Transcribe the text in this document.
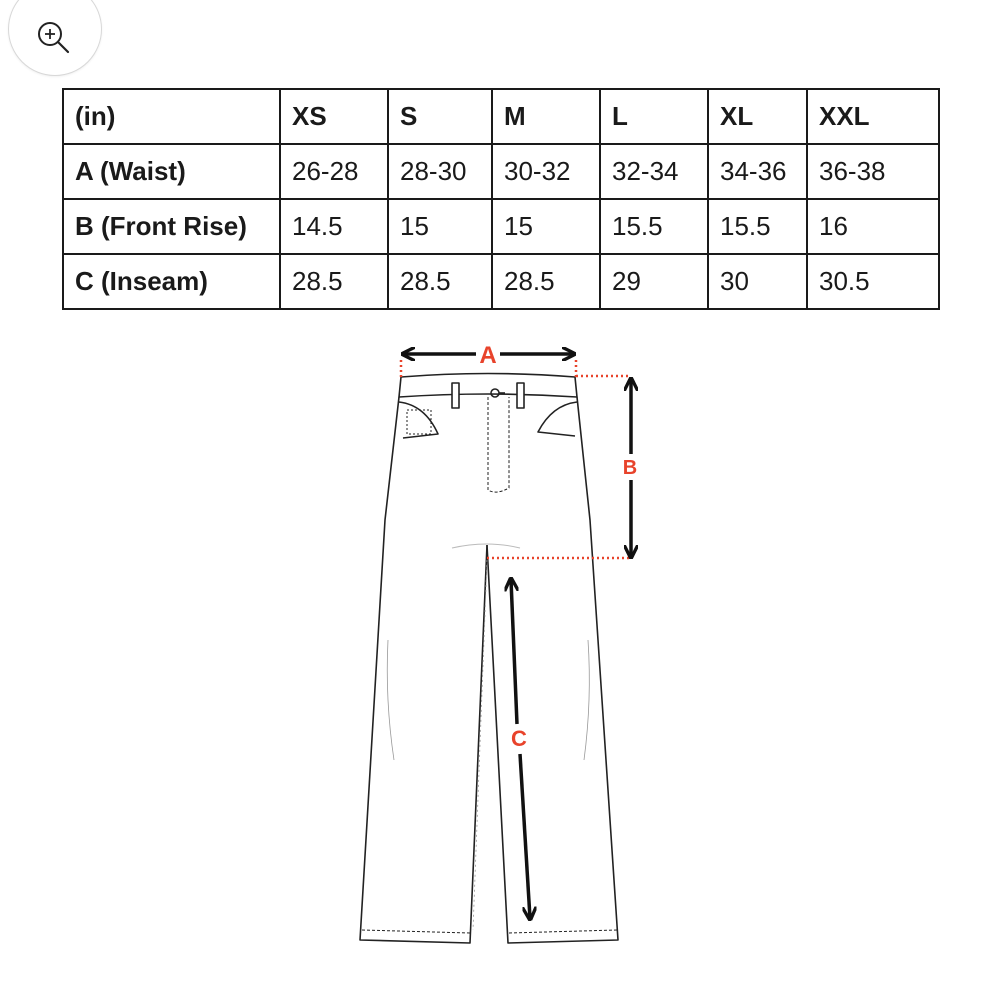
(in)	XS	S	M	L	XL	XXL
A (Waist)	26-28	28-30	30-32	32-34	34-36	36-38
B (Front Rise)	14.5	15	15	15.5	15.5	16
C (Inseam)	28.5	28.5	28.5	29	30	30.5
A
B
C
